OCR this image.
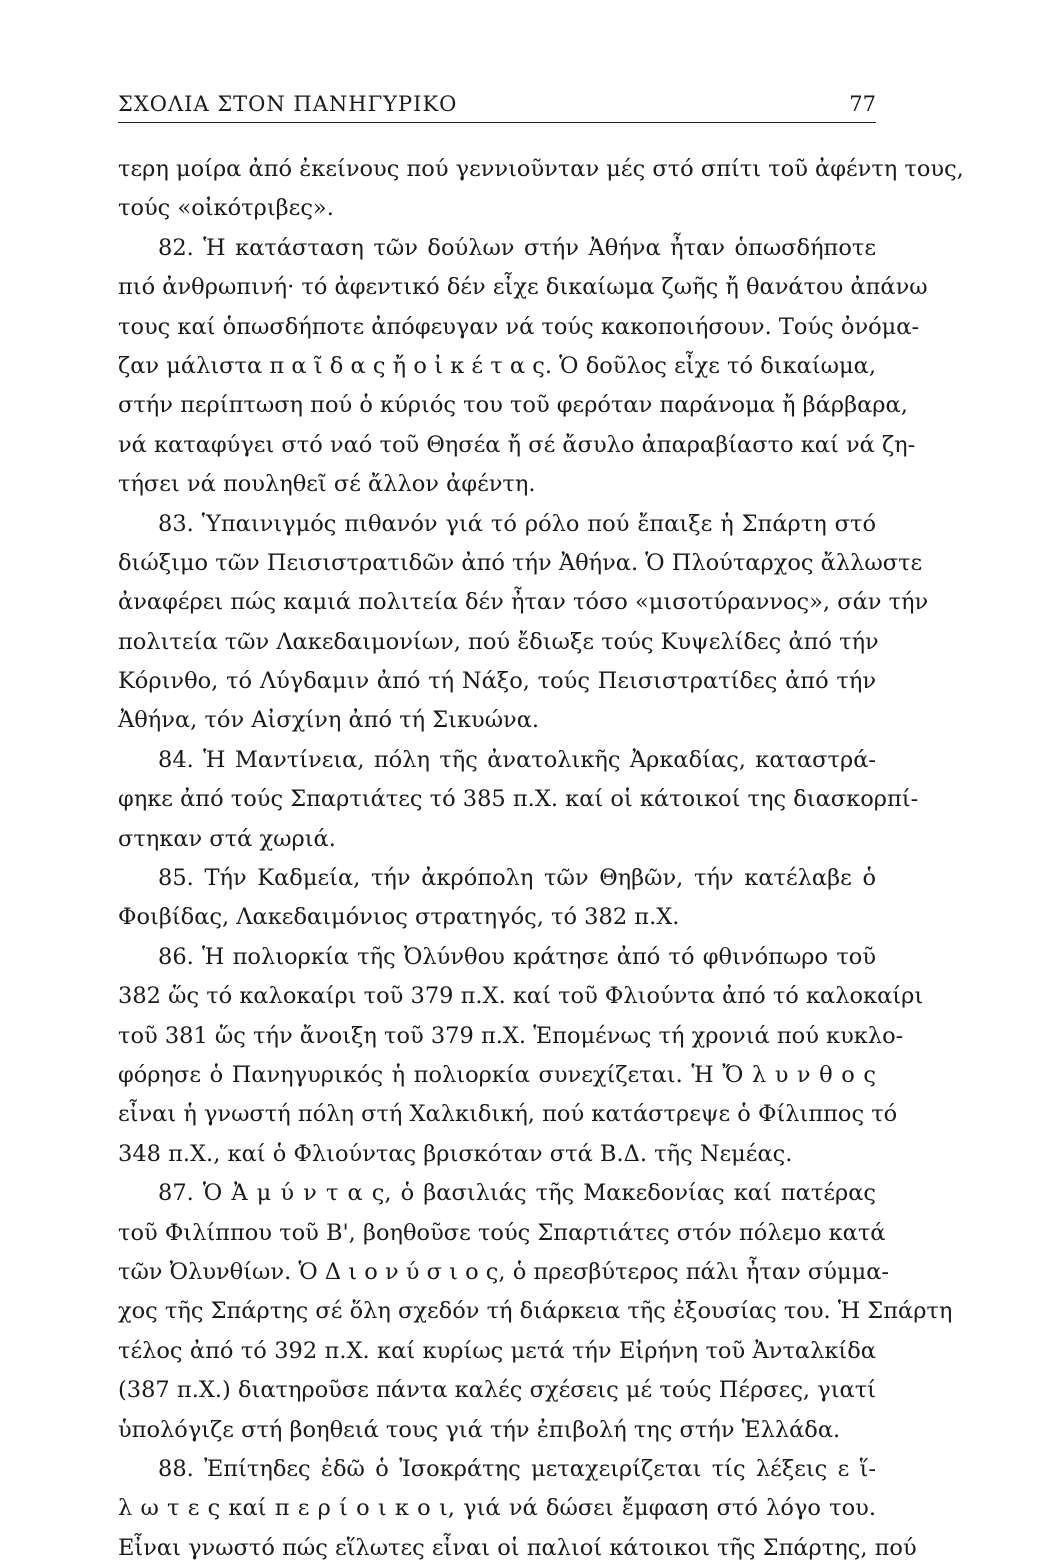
ΣΧΟΛΙΑ ΣΤΟΝ ΠΑΝΗΓΥΡΙΚΟ	77
τερη μοίρα ἀπό ἐκείνους πού γεννιοῦνταν μές στό σπίτι τοῦ ἀφέντη τους,
τούς «οἰκότριβες».
82. Ἡ κατάσταση τῶν δούλων στήν Ἀθήνα ἦταν ὁπωσδήποτε
πιό ἀνθρωπινή· τό ἀφεντικό δέν εἶχε δικαίωμα ζωῆς ἤ θανάτου ἀπάνω
τους καί ὁπωσδήποτε ἀπόφευγαν νά τούς κακοποιήσουν. Τούς ὀνόμα-
ζαν μάλιστα π α ῖ δ α ς ἤ ο ἰ κ έ τ α ς. Ὁ δοῦλος εἶχε τό δικαίωμα,
στήν περίπτωση πού ὁ κύριός του τοῦ φερόταν παράνομα ἤ βάρβαρα,
νά καταφύγει στό ναό τοῦ Θησέα ἤ σέ ἄσυλο ἀπαραβίαστο καί νά ζη-
τήσει νά πουληθεῖ σέ ἄλλον ἀφέντη.
83. Ὑπαινιγμός πιθανόν γιά τό ρόλο πού ἔπαιξε ἡ Σπάρτη στό
διώξιμο τῶν Πεισιστρατιδῶν ἀπό τήν Ἀθήνα. Ὁ Πλούταρχος ἄλλωστε
ἀναφέρει πώς καμιά πολιτεία δέν ἦταν τόσο «μισοτύραννος», σάν τήν
πολιτεία τῶν Λακεδαιμονίων, πού ἔδιωξε τούς Κυψελίδες ἀπό τήν
Κόρινθο, τό Λύγδαμιν ἀπό τή Νάξο, τούς Πεισιστρατίδες ἀπό τήν
Ἀθήνα, τόν Αἰσχίνη ἀπό τή Σικυώνα.
84. Ἡ Μαντίνεια, πόλη τῆς ἀνατολικῆς Ἀρκαδίας, καταστρά-
φηκε ἀπό τούς Σπαρτιάτες τό 385 π.Χ. καί οἱ κάτοικοί της διασκορπί-
στηκαν στά χωριά.
85. Τήν Καδμεία, τήν ἀκρόπολη τῶν Θηβῶν, τήν κατέλαβε ὁ
Φοιβίδας, Λακεδαιμόνιος στρατηγός, τό 382 π.Χ.
86. Ἡ πολιορκία τῆς Ὀλύνθου κράτησε ἀπό τό φθινόπωρο τοῦ
382 ὥς τό καλοκαίρι τοῦ 379 π.Χ. καί τοῦ Φλιούντα ἀπό τό καλοκαίρι
τοῦ 381 ὥς τήν ἄνοιξη τοῦ 379 π.Χ. Ἑπομένως τή χρονιά πού κυκλο-
φόρησε ὁ Πανηγυρικός ἡ πολιορκία συνεχίζεται. Ἡ Ὄ λ υ ν θ ο ς
εἶναι ἡ γνωστή πόλη στή Χαλκιδική, πού κατάστρεψε ὁ Φίλιππος τό
348 π.Χ., καί ὁ Φλιούντας βρισκόταν στά Β.Δ. τῆς Νεμέας.
87. Ὁ Ἀ μ ύ ν τ α ς, ὁ βασιλιάς τῆς Μακεδονίας καί πατέρας
τοῦ Φιλίππου τοῦ Β', βοηθοῦσε τούς Σπαρτιάτες στόν πόλεμο κατά
τῶν Ὀλυνθίων. Ὁ Δ ι ο ν ύ σ ι ο ς, ὁ πρεσβύτερος πάλι ἦταν σύμμα-
χος τῆς Σπάρτης σέ ὅλη σχεδόν τή διάρκεια τῆς ἐξουσίας του. Ἡ Σπάρτη
τέλος ἀπό τό 392 π.Χ. καί κυρίως μετά τήν Εἰρήνη τοῦ Ἀνταλκίδα
(387 π.Χ.) διατηροῦσε πάντα καλές σχέσεις μέ τούς Πέρσες, γιατί
ὑπολόγιζε στή βοηθειά τους γιά τήν ἐπιβολή της στήν Ἑλλάδα.
88. Ἐπίτηδες ἐδῶ ὁ Ἰσοκράτης μεταχειρίζεται τίς λέξεις ε ἵ-
λ ω τ ε ς καί π ε ρ ί ο ι κ ο ι, γιά νά δώσει ἔμφαση στό λόγο του.
Εἶναι γνωστό πώς εἵλωτες εἶναι οἱ παλιοί κάτοικοι τῆς Σπάρτης, πού
